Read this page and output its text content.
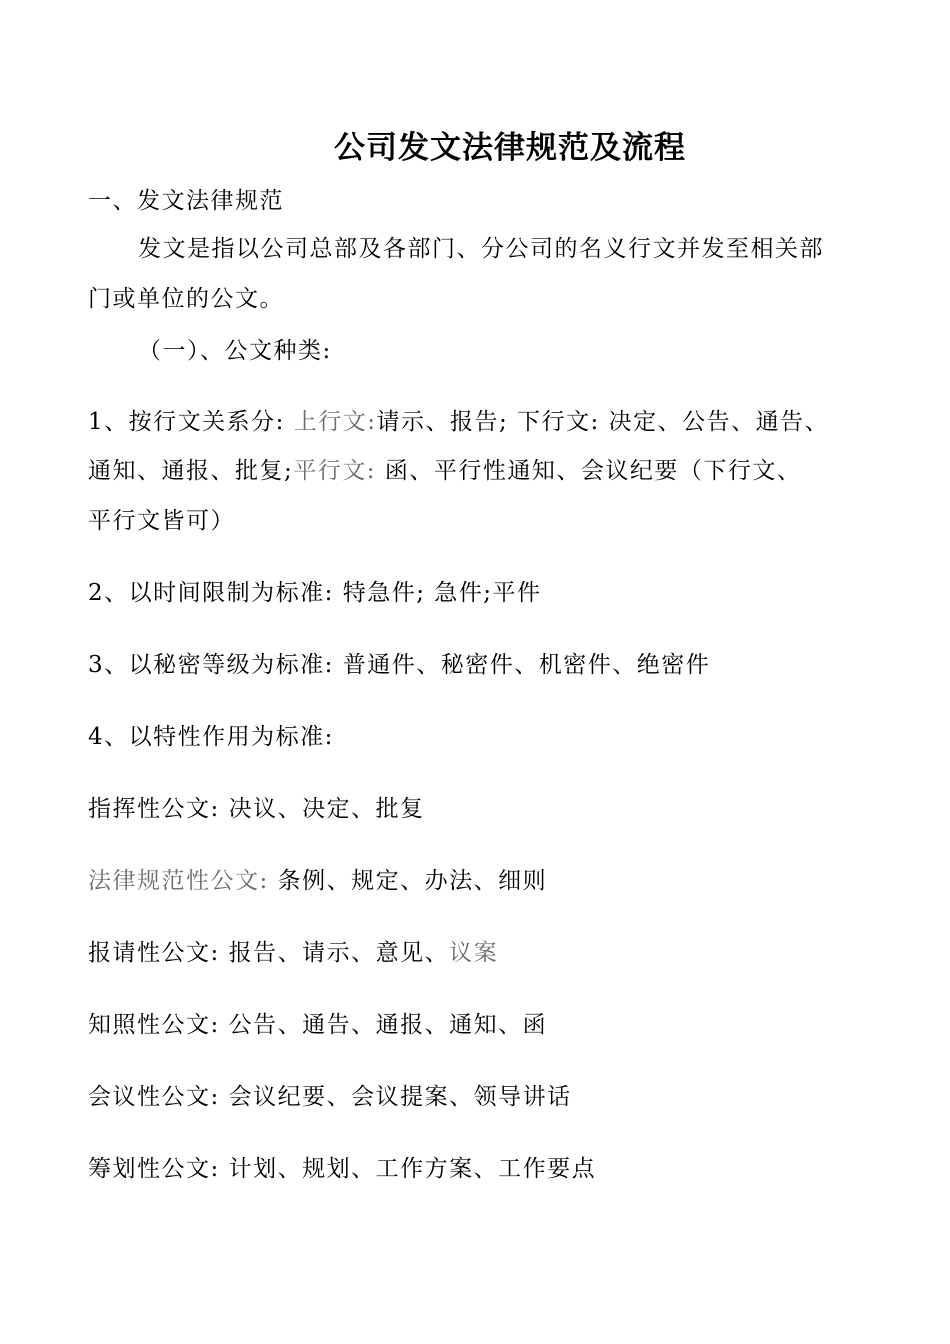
公司发文法律规范及流程
一、发文法律规范
发文是指以公司总部及各部门、分公司的名义行文并发至相关部
门或单位的公文。
（一）、公文种类:
1、按行文关系分: 上行文:请示、报告; 下行文: 决定、公告、通告、
通知、通报、批复;平行文: 函、平行性通知、会议纪要（下行文、
平行文皆可）
2、以时间限制为标准: 特急件; 急件;平件
3、以秘密等级为标准: 普通件、秘密件、机密件、绝密件
4、以特性作用为标准:
指挥性公文: 决议、决定、批复
法律规范性公文: 条例、规定、办法、细则
报请性公文: 报告、请示、意见、议案
知照性公文: 公告、通告、通报、通知、函
会议性公文: 会议纪要、会议提案、领导讲话
筹划性公文: 计划、规划、工作方案、工作要点
